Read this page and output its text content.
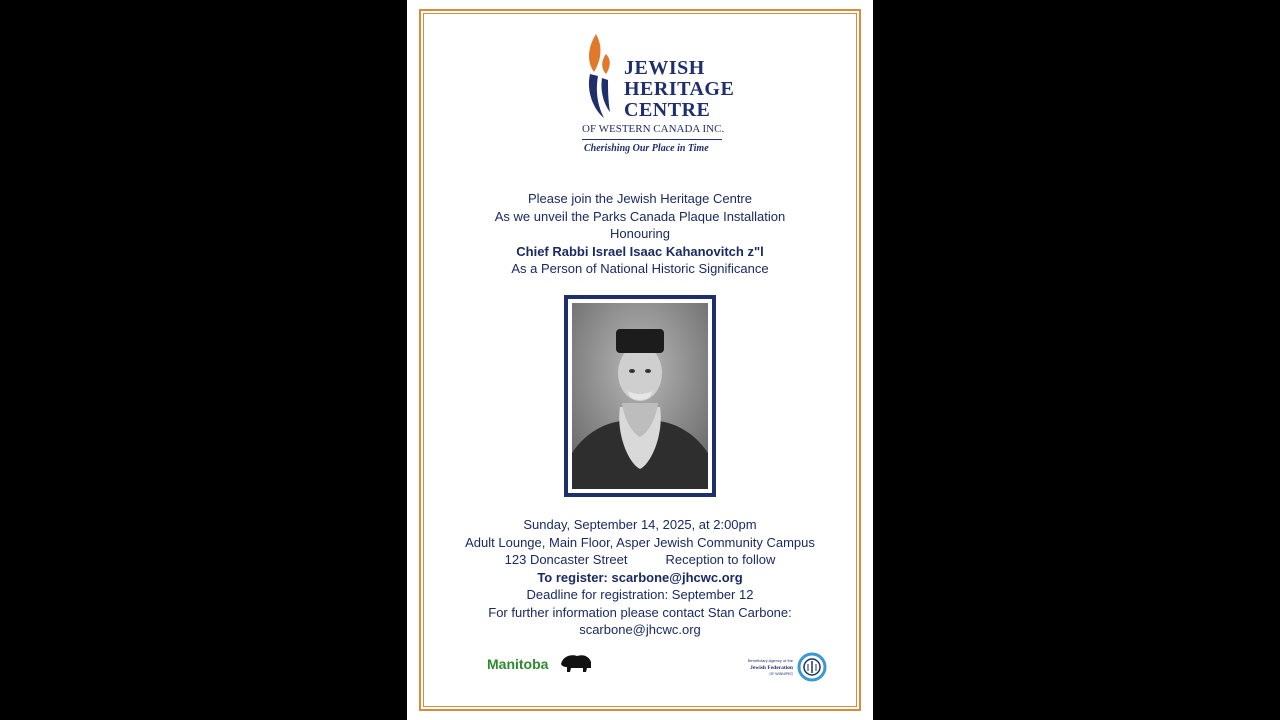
JEWISH
HERITAGE
CENTRE
OF WESTERN CANADA INC.
Cherishing Our Place in Time
Please join the Jewish Heritage Centre
As we unveil the Parks Canada Plaque Installation
Honouring
Chief Rabbi Israel Isaac Kahanovitch z"l
As a Person of National Historic Significance
Sunday, September 14, 2025, at 2:00pm
Adult Lounge, Main Floor, Asper Jewish Community Campus
123 Doncaster Street	Reception to follow
To register: scarbone@jhcwc.org
Deadline for registration: September 12
For further information please contact Stan Carbone:
scarbone@jhcwc.org
Manitoba	Beneficiary Agency of the
Jewish Federation
OF WINNIPEG
